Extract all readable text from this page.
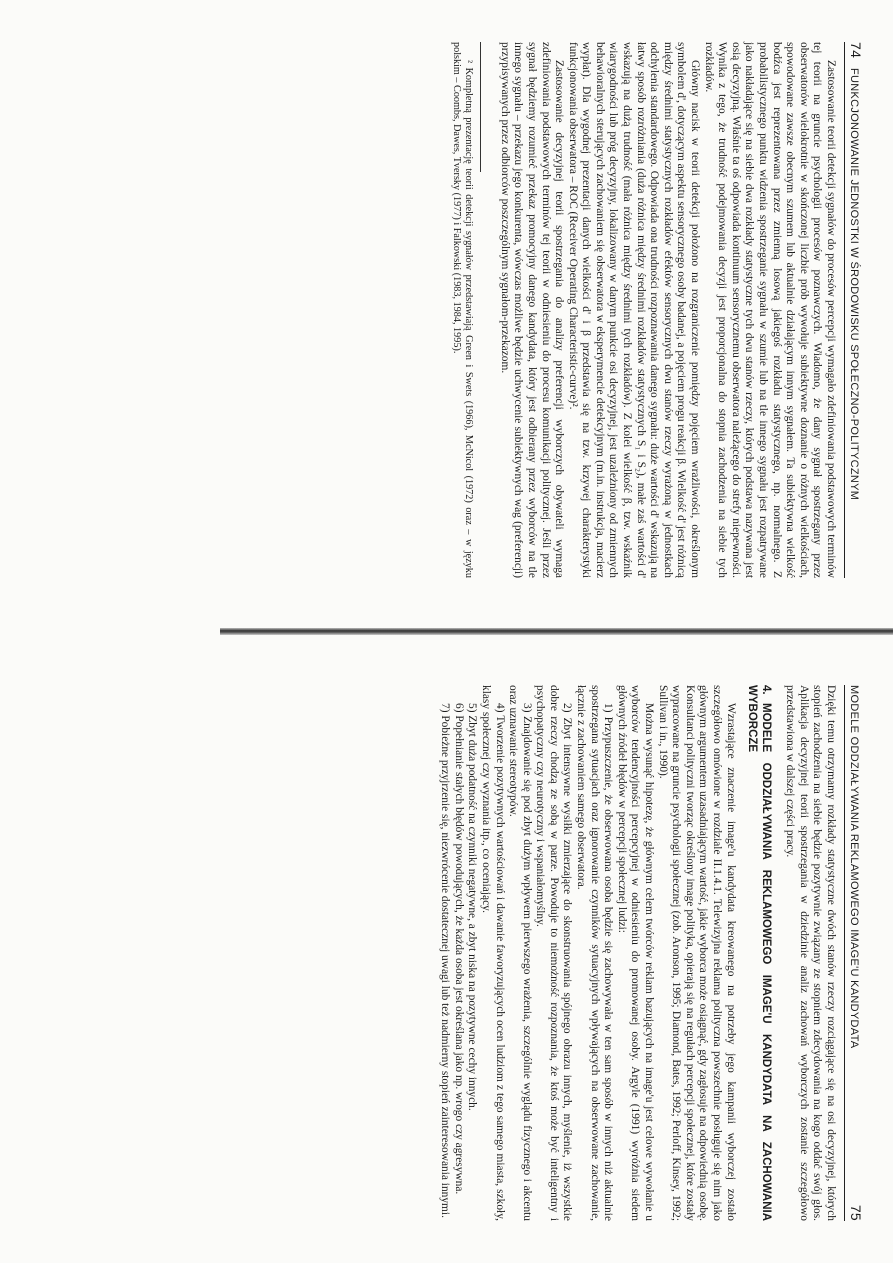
74
FUNKCJONOWANIE JEDNOSTKI W ŚRODOWISKU SPOŁECZNO-POLITYCZNYM

Zastosowanie teorii detekcji sygnałów do procesów percepcji wymagało zdefiniowania podstawowych terminów tej teorii na gruncie psychologii procesów poznawczych. Wiadomo, że dany sygnał spostrzegany przez obserwatorów wielokrotnie w skończonej liczbie prób wywołuje subiektywne doznanie o różnych wielkościach, spowodowane zawsze obecnym szumem lub aktualnie działającym innym sygnałem. Ta subiektywna wielkość bodźca jest reprezentowana przez zmienną losową jakiegoś rozkładu statystycznego, np. normalnego. Z probabilistycznego punktu widzenia spostrzeganie sygnału w szumie lub na tle innego sygnału jest rozpatrywane jako nakładające się na siebie dwa rozkłady statystyczne tych dwu stanów rzeczy, których podstawa nazywana jest osią decyzyjną. Właśnie ta oś odpowiada kontinuum sensorycznemu obserwatora należącego do strefy niepewności. Wynika z tego, że trudność podejmowania decyzji jest proporcjonalna do stopnia zachodzenia na siebie tych rozkładów.

Główny nacisk w teorii detekcji położono na rozgraniczenie pomiędzy pojęciem wrażliwości, określonym symbolem d', dotyczącym aspektu sensorycznego osoby badanej, a pojęciem progu reakcji β. Wielkość d' jest różnicą między średnimi statystycznych rozkładów efektów sensorycznych dwu stanów rzeczy wyrażoną w jednostkach odchylenia standardowego. Odpowiada ona trudności rozpoznawania danego sygnału: duże wartości d' wskazują na łatwy sposób rozróżniania (duża różnica między średnimi rozkładów statystycznych S₁ i S₂), małe zaś wartości d' wskazują na dużą trudność (mała różnica między średnimi tych rozkładów). Z kolei wielkość β, tzw. wskaźnik wiarygodności lub próg decyzyjny, lokalizowany w danym punkcie osi decyzyjnej, jest uzależniony od zmiennych behawioralnych sterujących zachowaniem się obserwatora w eksperymencie detekcyjnym (m.in. instrukcja, macierz wypłat). Dla wygodnej prezentacji danych wielkości d' i β przedstawia się na tzw. krzywej charakterystyki funkcjonowania obserwatora – ROC (Receiver Operating Characteristic-curve)².

Zastosowanie decyzyjnej teorii spostrzegania do analizy preferencji wyborczych obywateli wymaga zdefiniowania podstawowych terminów tej teorii w odniesieniu do procesu komunikacji politycznej. Jeśli przez sygnał będziemy rozumieć przekaz promocyjny danego kandydata, który jest odbierany przez wyborców na tle innego sygnału – przekazu jego konkurenta, wówczas możliwe będzie uchwycenie subiektywnych wag (preferencji) przypisywanych przez odbiorców poszczególnym sygnałom-przekazom.

² Kompletną prezentację teorii detekcji sygnałów przedstawiają Green i Swets (1966), McNicol (1972) oraz – w języku polskim – Coombs, Dawes, Tversky (1977) i Falkowski (1983, 1984, 1995).

MODELE ODDZIAŁYWANIA REKLAMOWEGO IMAGE'U KANDYDATA
75

Dzięki temu otrzymamy rozkłady statystyczne dwóch stanów rzeczy rozciągające się na osi decyzyjnej, których stopień zachodzenia na siebie będzie pozytywnie związany ze stopniem zdecydowania na kogo oddać swój głos. Aplikacja decyzyjnej teorii spostrzegania w dziedzinie analiz zachowań wyborczych zostanie szczegółowo przedstawiona w dalszej części pracy.

4.MODELE ODDZIAŁYWANIA REKLAMOWEGO IMAGE'U KANDYDATA NA ZACHOWANIA WYBORCZE

Wzrastające znaczenie image'u kandydata kreowanego na potrzeby jego kampanii wyborczej zostało szczegółowo omówione w rozdziale II.1.4.1. Telewizyjna reklama polityczna powszechnie posługuje się nim jako głównym argumentem uzasadniającym wartość, jakie wyborca może osiągnąć, gdy zagłosuje na odpowiednią osobę. Konsultanci polityczni tworząc określony image polityka, opierają się na regułach percepcji społecznej, które zostały wypracowane na gruncie psychologii społecznej (zob. Aronson, 1995; Diamond, Bates, 1992; Perloff, Kinsey, 1992; Sullivan i in., 1990).

Można wysunąć hipotezę, że głównym celem twórców reklam bazujących na image'u jest celowe wywołanie u wyborców tendencyjności percepcyjnej w odniesieniu do promowanej osoby. Argyle (1991) wyróżnia siedem głównych źródeł błędów w percepcji społecznej ludzi:

1) Przypuszczenie, że obserwowana osoba będzie się zachowywała w ten sam sposób w innych niż aktualnie spostrzegana sytuacjach oraz ignorowanie czynników sytuacyjnych wpływających na obserwowane zachowanie, łącznie z zachowaniem samego obserwatora.

2) Zbyt intensywne wysiłki zmierzające do skonstruowania spójnego obrazu innych, myślenie, iż wszystkie dobre rzeczy chodzą ze sobą w parze. Powoduje to niemożność rozpoznania, że ktoś może być inteligentny i psychopatyczny czy neurotyczny i wspaniałomyślny.

3) Znajdowanie się pod zbyt dużym wpływem pierwszego wrażenia, szczególnie wyglądu fizycznego i akcentu oraz uznawanie stereotypów.

4) Tworzenie pozytywnych wartościowań i dawanie faworyzujących ocen ludziom z tego samego miasta, szkoły, klasy społecznej czy wyznania itp., co oceniający.

5) Zbyt duża podatność na czynniki negatywne, a zbyt niska na pozytywne cechy innych.

6) Popełnianie stałych błędów powodujących, że każda osoba jest określana jako np. wrogo czy agresywna.

7) Pobieżne przyjrzenie się, niezwrócenie dostatecznej uwagi lub też nadmierny stopień zainteresowania innymi.
